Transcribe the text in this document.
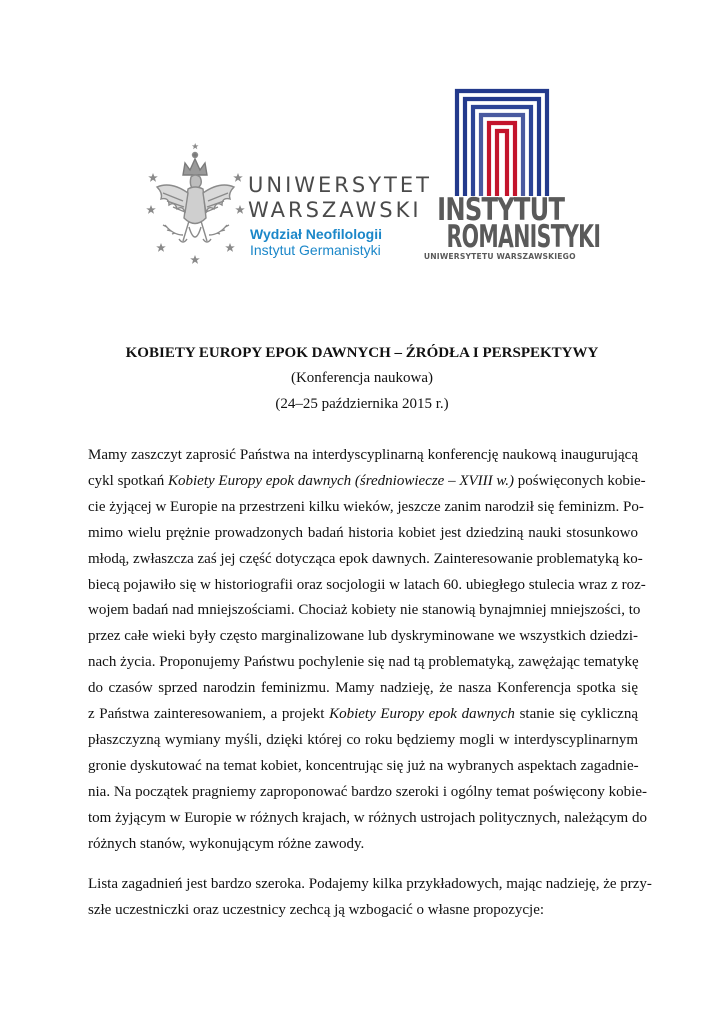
UNIWERSYTET
WARSZAWSKI
Wydział Neofilologii
Instytut Germanistyki
INSTYTUT
ROMANISTYKI
UNIWERSYTETU WARSZAWSKIEGO
KOBIETY EUROPY EPOK DAWNYCH – ŹRÓDŁA I PERSPEKTYWY
(Konferencja naukowa)
(24–25 października 2015 r.)
Mamy zaszczyt zaprosić Państwa na interdyscyplinarną konferencję naukową inaugurującą
cykl spotkań Kobiety Europy epok dawnych (średniowiecze – XVIII w.) poświęconych kobie-
cie żyjącej w Europie na przestrzeni kilku wieków, jeszcze zanim narodził się feminizm. Po-
mimo wielu prężnie prowadzonych badań historia kobiet jest dziedziną nauki stosunkowo
młodą, zwłaszcza zaś jej część dotycząca epok dawnych. Zainteresowanie problematyką ko-
biecą pojawiło się w historiografii oraz socjologii w latach 60. ubiegłego stulecia wraz z roz-
wojem badań nad mniejszościami. Chociaż kobiety nie stanowią bynajmniej mniejszości, to
przez całe wieki były często marginalizowane lub dyskryminowane we wszystkich dziedzi-
nach życia. Proponujemy Państwu pochylenie się nad tą problematyką, zawężając tematykę
do czasów sprzed narodzin feminizmu. Mamy nadzieję, że nasza Konferencja spotka się
z Państwa zainteresowaniem, a projekt Kobiety Europy epok dawnych stanie się cykliczną
płaszczyzną wymiany myśli, dzięki której co roku będziemy mogli w interdyscyplinarnym
gronie dyskutować na temat kobiet, koncentrując się już na wybranych aspektach zagadnie-
nia. Na początek pragniemy zaproponować bardzo szeroki i ogólny temat poświęcony kobie-
tom żyjącym w Europie w różnych krajach, w różnych ustrojach politycznych, należącym do
różnych stanów, wykonującym różne zawody.
Lista zagadnień jest bardzo szeroka. Podajemy kilka przykładowych, mając nadzieję, że przy-
szłe uczestniczki oraz uczestnicy zechcą ją wzbogacić o własne propozycje:
